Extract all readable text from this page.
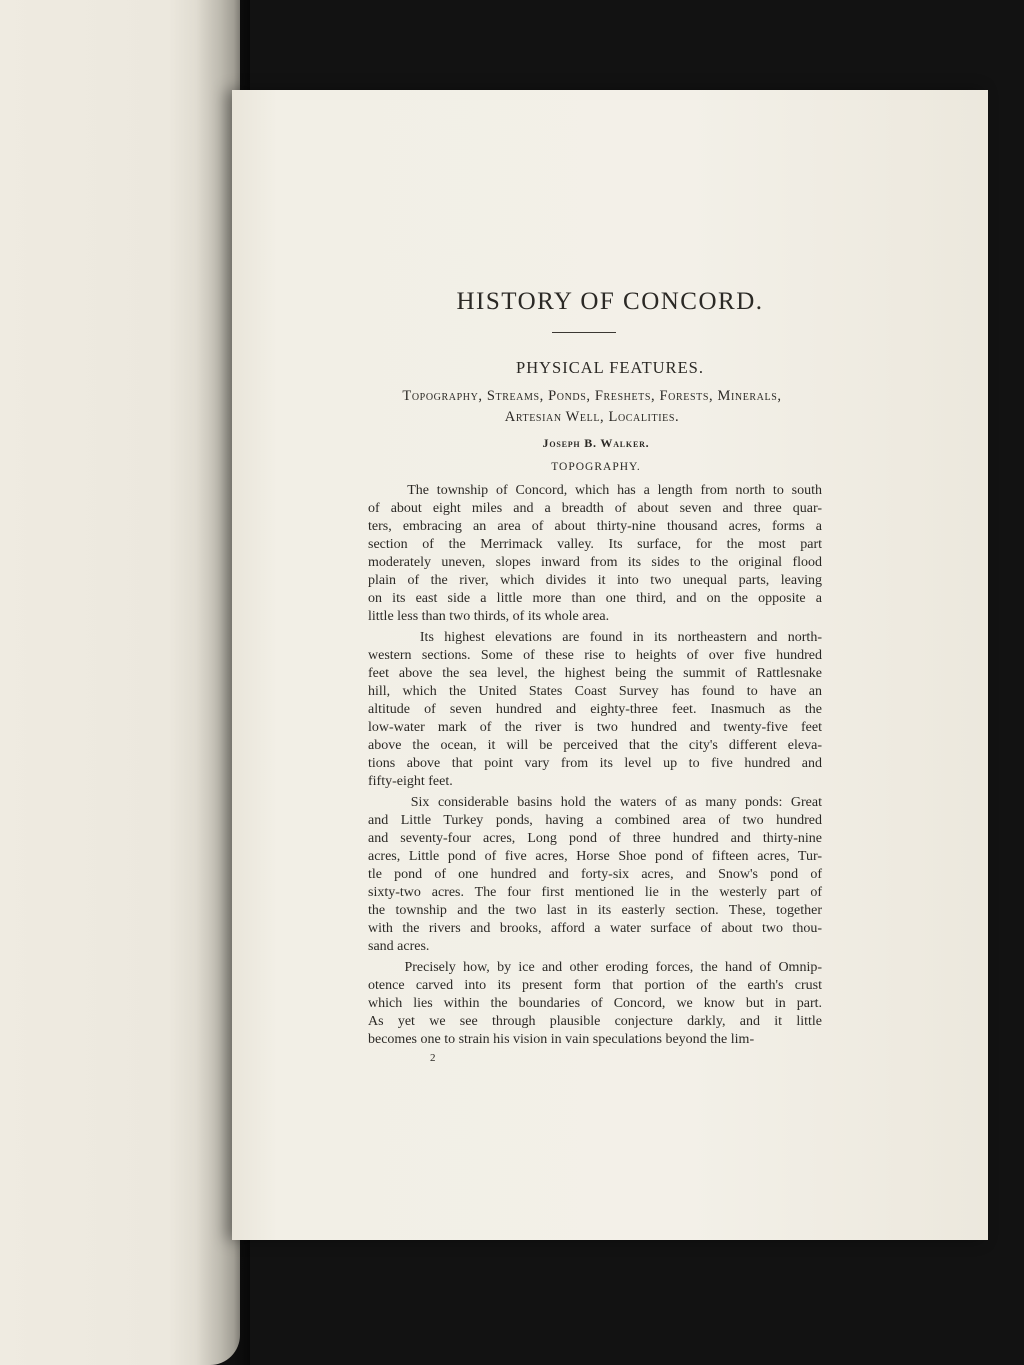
HISTORY OF CONCORD.
PHYSICAL FEATURES.
Topography, Streams, Ponds, Freshets, Forests, Minerals,
Artesian Well, Localities.
Joseph B. Walker.
TOPOGRAPHY.
The township of Concord, which has a length from north to south
of about eight miles and a breadth of about seven and three quar-
ters, embracing an area of about thirty-nine thousand acres, forms a
section of the Merrimack valley. Its surface, for the most part
moderately uneven, slopes inward from its sides to the original flood
plain of the river, which divides it into two unequal parts, leaving
on its east side a little more than one third, and on the opposite a
little less than two thirds, of its whole area.
Its highest elevations are found in its northeastern and north-
western sections. Some of these rise to heights of over five hundred
feet above the sea level, the highest being the summit of Rattlesnake
hill, which the United States Coast Survey has found to have an
altitude of seven hundred and eighty-three feet. Inasmuch as the
low-water mark of the river is two hundred and twenty-five feet
above the ocean, it will be perceived that the city's different eleva-
tions above that point vary from its level up to five hundred and
fifty-eight feet.
Six considerable basins hold the waters of as many ponds: Great
and Little Turkey ponds, having a combined area of two hundred
and seventy-four acres, Long pond of three hundred and thirty-nine
acres, Little pond of five acres, Horse Shoe pond of fifteen acres, Tur-
tle pond of one hundred and forty-six acres, and Snow's pond of
sixty-two acres. The four first mentioned lie in the westerly part of
the township and the two last in its easterly section. These, together
with the rivers and brooks, afford a water surface of about two thou-
sand acres.
Precisely how, by ice and other eroding forces, the hand of Omnip-
otence carved into its present form that portion of the earth's crust
which lies within the boundaries of Concord, we know but in part.
As yet we see through plausible conjecture darkly, and it little
becomes one to strain his vision in vain speculations beyond the lim-
2
